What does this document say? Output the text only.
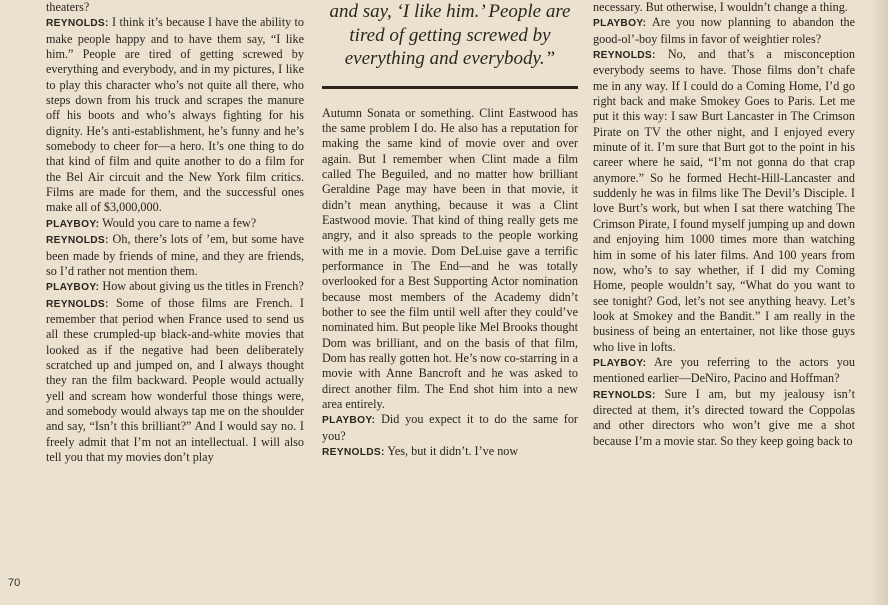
theaters?

REYNOLDS: I think it’s because I have the ability to make people happy and to have them say, “I like him.” People are tired of getting screwed by everything and everybody, and in my pictures, I like to play this character who’s not quite all there, who steps down from his truck and scrapes the manure off his boots and who’s always fighting for his dignity. He’s anti-establishment, he’s funny and he’s somebody to cheer for—a hero. It’s one thing to do that kind of film and quite another to do a film for the Bel Air circuit and the New York film critics. Films are made for them, and the successful ones make all of $3,000,000.

PLAYBOY: Would you care to name a few?

REYNOLDS: Oh, there’s lots of ’em, but some have been made by friends of mine, and they are friends, so I’d rather not mention them.

PLAYBOY: How about giving us the titles in French?

REYNOLDS: Some of those films are French. I remember that period when France used to send us all these crumpled-up black-and-white movies that looked as if the negative had been deliberately scratched up and jumped on, and I always thought they ran the film backward. People would actually yell and scream how wonderful those things were, and somebody would always tap me on the shoulder and say, “Isn’t this brilliant?” And I would say no. I freely admit that I’m not an intellectual. I will also tell you that my movies don’t play

and say, ‘I like him.’ People are tired of getting screwed by everything and everybody.”

Autumn Sonata or something. Clint Eastwood has the same problem I do. He also has a reputation for making the same kind of movie over and over again. But I remember when Clint made a film called The Beguiled, and no matter how brilliant Geraldine Page may have been in that movie, it didn’t mean anything, because it was a Clint Eastwood movie. That kind of thing really gets me angry, and it also spreads to the people working with me in a movie. Dom DeLuise gave a terrific performance in The End—and he was totally overlooked for a Best Supporting Actor nomination because most members of the Academy didn’t bother to see the film until well after they could’ve nominated him. But people like Mel Brooks thought Dom was brilliant, and on the basis of that film, Dom has really gotten hot. He’s now co-starring in a movie with Anne Bancroft and he was asked to direct another film. The End shot him into a new area entirely.

PLAYBOY: Did you expect it to do the same for you?

REYNOLDS: Yes, but it didn’t. I’ve now

necessary. But otherwise, I wouldn’t change a thing.

PLAYBOY: Are you now planning to abandon the good-ol’-boy films in favor of weightier roles?

REYNOLDS: No, and that’s a misconception everybody seems to have. Those films don’t chafe me in any way. If I could do a Coming Home, I’d go right back and make Smokey Goes to Paris. Let me put it this way: I saw Burt Lancaster in The Crimson Pirate on TV the other night, and I enjoyed every minute of it. I’m sure that Burt got to the point in his career where he said, “I’m not gonna do that crap anymore.” So he formed Hecht-Hill-Lancaster and suddenly he was in films like The Devil’s Disciple. I love Burt’s work, but when I sat there watching The Crimson Pirate, I found myself jumping up and down and enjoying him 1000 times more than watching him in some of his later films. And 100 years from now, who’s to say whether, if I did my Coming Home, people wouldn’t say, “What do you want to see tonight? God, let’s not see anything heavy. Let’s look at Smokey and the Bandit.” I am really in the business of being an entertainer, not like those guys who live in lofts.

PLAYBOY: Are you referring to the actors you mentioned earlier—DeNiro, Pacino and Hoffman?

REYNOLDS: Sure I am, but my jealousy isn’t directed at them, it’s directed toward the Coppolas and other directors who won’t give me a shot because I’m a movie star. So they keep going back to

70
